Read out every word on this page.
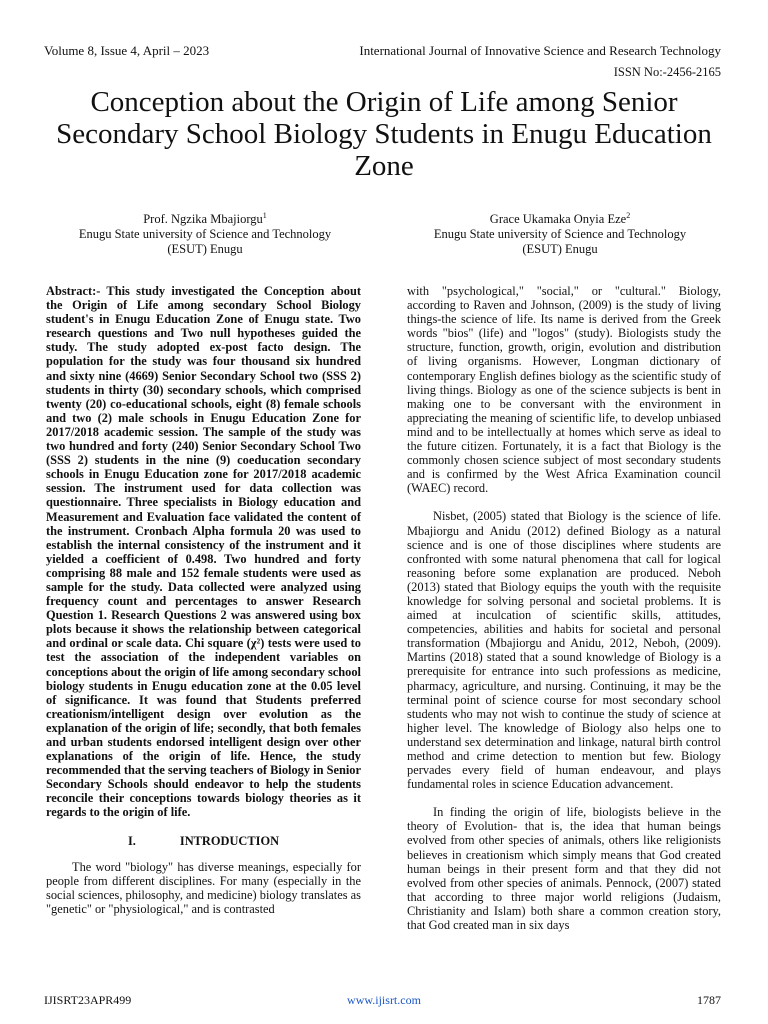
Volume 8, Issue 4, April – 2023	International Journal of Innovative Science and Research Technology
ISSN No:-2456-2165
Conception about the Origin of Life among Senior Secondary School Biology Students in Enugu Education Zone
Prof. Ngzika Mbajiorgu$^1$
Enugu State university of Science and Technology
(ESUT) Enugu
Grace Ukamaka Onyia Eze$^2$
Enugu State university of Science and Technology
(ESUT) Enugu

Abstract:- This study investigated the Conception about the Origin of Life among secondary School Biology student's in Enugu Education Zone of Enugu state. Two research questions and Two null hypotheses guided the study. The study adopted ex-post facto design. The population for the study was four thousand six hundred and sixty nine (4669) Senior Secondary School two (SSS 2) students in thirty (30) secondary schools, which comprised twenty (20) co-educational schools, eight (8) female schools and two (2) male schools in Enugu Education Zone for 2017/2018 academic session. The sample of the study was two hundred and forty (240) Senior Secondary School Two (SSS 2) students in the nine (9) coeducation secondary schools in Enugu Education zone for 2017/2018 academic session. The instrument used for data collection was questionnaire. Three specialists in Biology education and Measurement and Evaluation face validated the content of the instrument. Cronbach Alpha formula 20 was used to establish the internal consistency of the instrument and it yielded a coefficient of 0.498. Two hundred and forty comprising 88 male and 152 female students were used as sample for the study. Data collected were analyzed using frequency count and percentages to answer Research Question 1. Research Questions 2 was answered using box plots because it shows the relationship between categorical and ordinal or scale data. Chi square (χ²) tests were used to test the association of the independent variables on conceptions about the origin of life among secondary school biology students in Enugu education zone at the 0.05 level of significance. It was found that Students preferred creationism/intelligent design over evolution as the explanation of the origin of life; secondly, that both females and urban students endorsed intelligent design over other explanations of the origin of life. Hence, the study recommended that the serving teachers of Biology in Senior Secondary Schools should endeavor to help the students reconcile their conceptions towards biology theories as it regards to the origin of life.

I.	INTRODUCTION

The word "biology" has diverse meanings, especially for people from different disciplines. For many (especially in the social sciences, philosophy, and medicine) biology translates as "genetic" or "physiological," and is contrasted

with "psychological," "social," or "cultural." Biology, according to Raven and Johnson, (2009) is the study of living things-the science of life. Its name is derived from the Greek words "bios" (life) and "logos" (study). Biologists study the structure, function, growth, origin, evolution and distribution of living organisms. However, Longman dictionary of contemporary English defines biology as the scientific study of living things. Biology as one of the science subjects is bent in making one to be conversant with the environment in appreciating the meaning of scientific life, to develop unbiased mind and to be intellectually at homes which serve as ideal to the future citizen. Fortunately, it is a fact that Biology is the commonly chosen science subject of most secondary students and is confirmed by the West Africa Examination council (WAEC) record.

Nisbet, (2005) stated that Biology is the science of life. Mbajiorgu and Anidu (2012) defined Biology as a natural science and is one of those disciplines where students are confronted with some natural phenomena that call for logical reasoning before some explanation are produced. Neboh (2013) stated that Biology equips the youth with the requisite knowledge for solving personal and societal problems. It is aimed at inculcation of scientific skills, attitudes, competencies, abilities and habits for societal and personal transformation (Mbajiorgu and Anidu, 2012, Neboh, (2009). Martins (2018) stated that a sound knowledge of Biology is a prerequisite for entrance into such professions as medicine, pharmacy, agriculture, and nursing. Continuing, it may be the terminal point of science course for most secondary school students who may not wish to continue the study of science at higher level. The knowledge of Biology also helps one to understand sex determination and linkage, natural birth control method and crime detection to mention but few. Biology pervades every field of human endeavour, and plays fundamental roles in science Education advancement.

In finding the origin of life, biologists believe in the theory of Evolution- that is, the idea that human beings evolved from other species of animals, others like religionists believes in creationism which simply means that God created human beings in their present form and that they did not evolved from other species of animals. Pennock, (2007) stated that according to three major world religions (Judaism, Christianity and Islam) both share a common creation story, that God created man in six days

IJISRT23APR499	www.ijisrt.com	1787
